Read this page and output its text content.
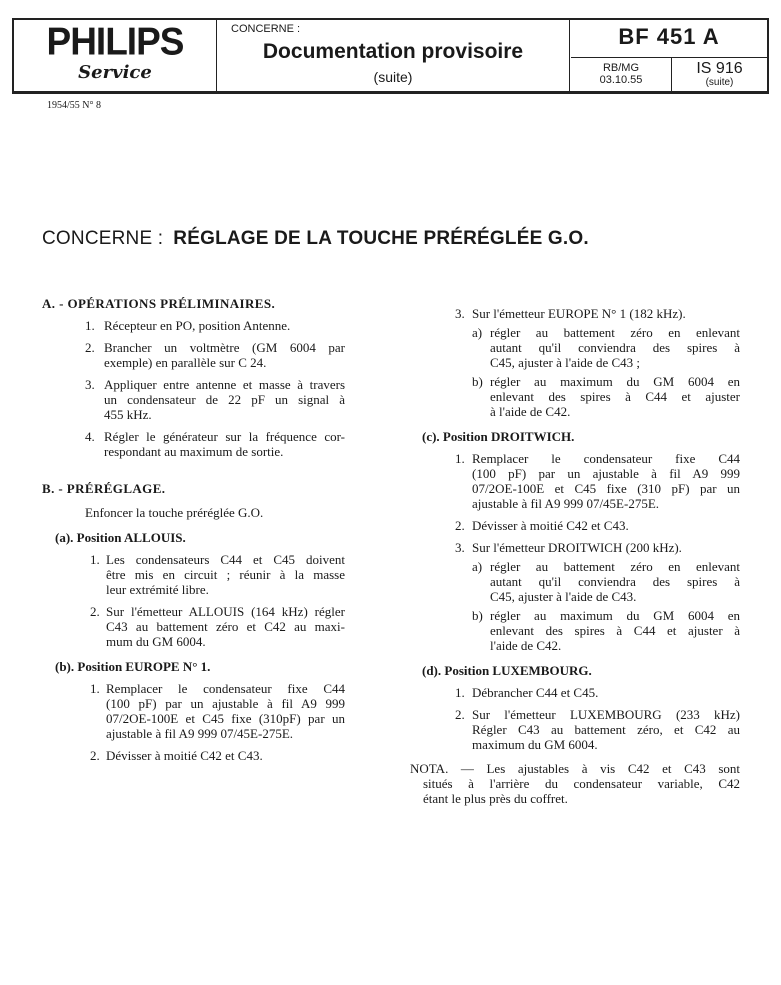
PHILIPS
Service
CONCERNE :
Documentation provisoire
(suite)
BF 451 A
RB/MG
03.10.55
IS 916
(suite)
1954/55 N° 8
CONCERNE : RÉGLAGE DE LA TOUCHE PRÉRÉGLÉE G.O.
A. - OPÉRATIONS PRÉLIMINAIRES.
1. Récepteur en PO, position Antenne.
2. Brancher un voltmètre (GM 6004 par
exemple) en parallèle sur C 24.
3. Appliquer entre antenne et masse à travers
un condensateur de 22 pF un signal à
455 kHz.
4. Régler le générateur sur la fréquence cor-
respondant au maximum de sortie.
B. - PRÉRÉGLAGE.
Enfoncer la touche préréglée G.O.
(a). Position ALLOUIS.
1. Les condensateurs C44 et C45 doivent
être mis en circuit ; réunir à la masse
leur extrémité libre.
2. Sur l'émetteur ALLOUIS (164 kHz) régler
C43 au battement zéro et C42 au maxi-
mum du GM 6004.
(b). Position EUROPE N° 1.
1. Remplacer le condensateur fixe C44
(100 pF) par un ajustable à fil A9 999
07/2OE-100E et C45 fixe (310pF) par un
ajustable à fil A9 999 07/45E-275E.
2. Dévisser à moitié C42 et C43.
3. Sur l'émetteur EUROPE N° 1 (182 kHz).
a) régler au battement zéro en enlevant
autant qu'il conviendra des spires à
C45, ajuster à l'aide de C43 ;
b) régler au maximum du GM 6004 en
enlevant des spires à C44 et ajuster
à l'aide de C42.
(c). Position DROITWICH.
1. Remplacer le condensateur fixe C44
(100 pF) par un ajustable à fil A9 999
07/2OE-100E et C45 fixe (310 pF) par un
ajustable à fil A9 999 07/45E-275E.
2. Dévisser à moitié C42 et C43.
3. Sur l'émetteur DROITWICH (200 kHz).
a) régler au battement zéro en enlevant
autant qu'il conviendra des spires à
C45, ajuster à l'aide de C43.
b) régler au maximum du GM 6004 en
enlevant des spires à C44 et ajuster à
l'aide de C42.
(d). Position LUXEMBOURG.
1. Débrancher C44 et C45.
2. Sur l'émetteur LUXEMBOURG (233 kHz)
Régler C43 au battement zéro, et C42 au
maximum du GM 6004.
NOTA. — Les ajustables à vis C42 et C43 sont
situés à l'arrière du condensateur variable, C42
étant le plus près du coffret.
